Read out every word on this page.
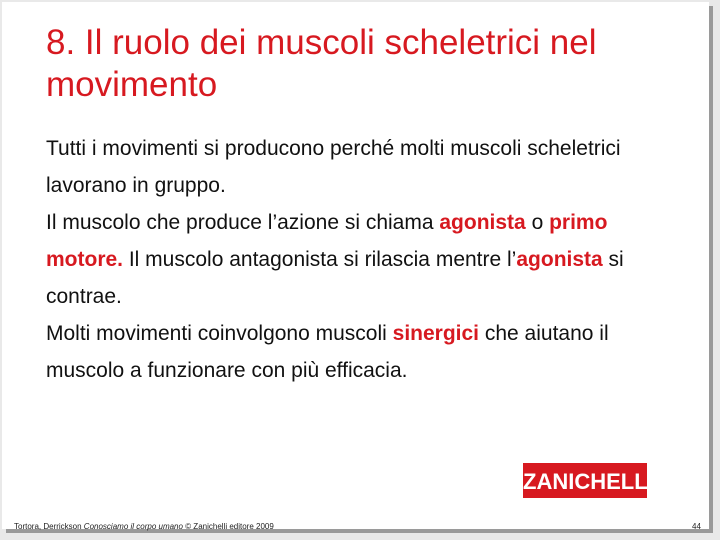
8. Il ruolo dei muscoli scheletrici nel movimento

Tutti i movimenti si producono perché molti muscoli scheletrici lavorano in gruppo.

Il muscolo che produce l’azione si chiama agonista o primo motore. Il muscolo antagonista si rilascia mentre l’agonista si contrae.

Molti movimenti coinvolgono muscoli sinergici che aiutano il muscolo a funzionare con più efficacia.

ZANICHELLI
Tortora, Derrickson Conosciamo il corpo umano © Zanichelli editore 2009	44
